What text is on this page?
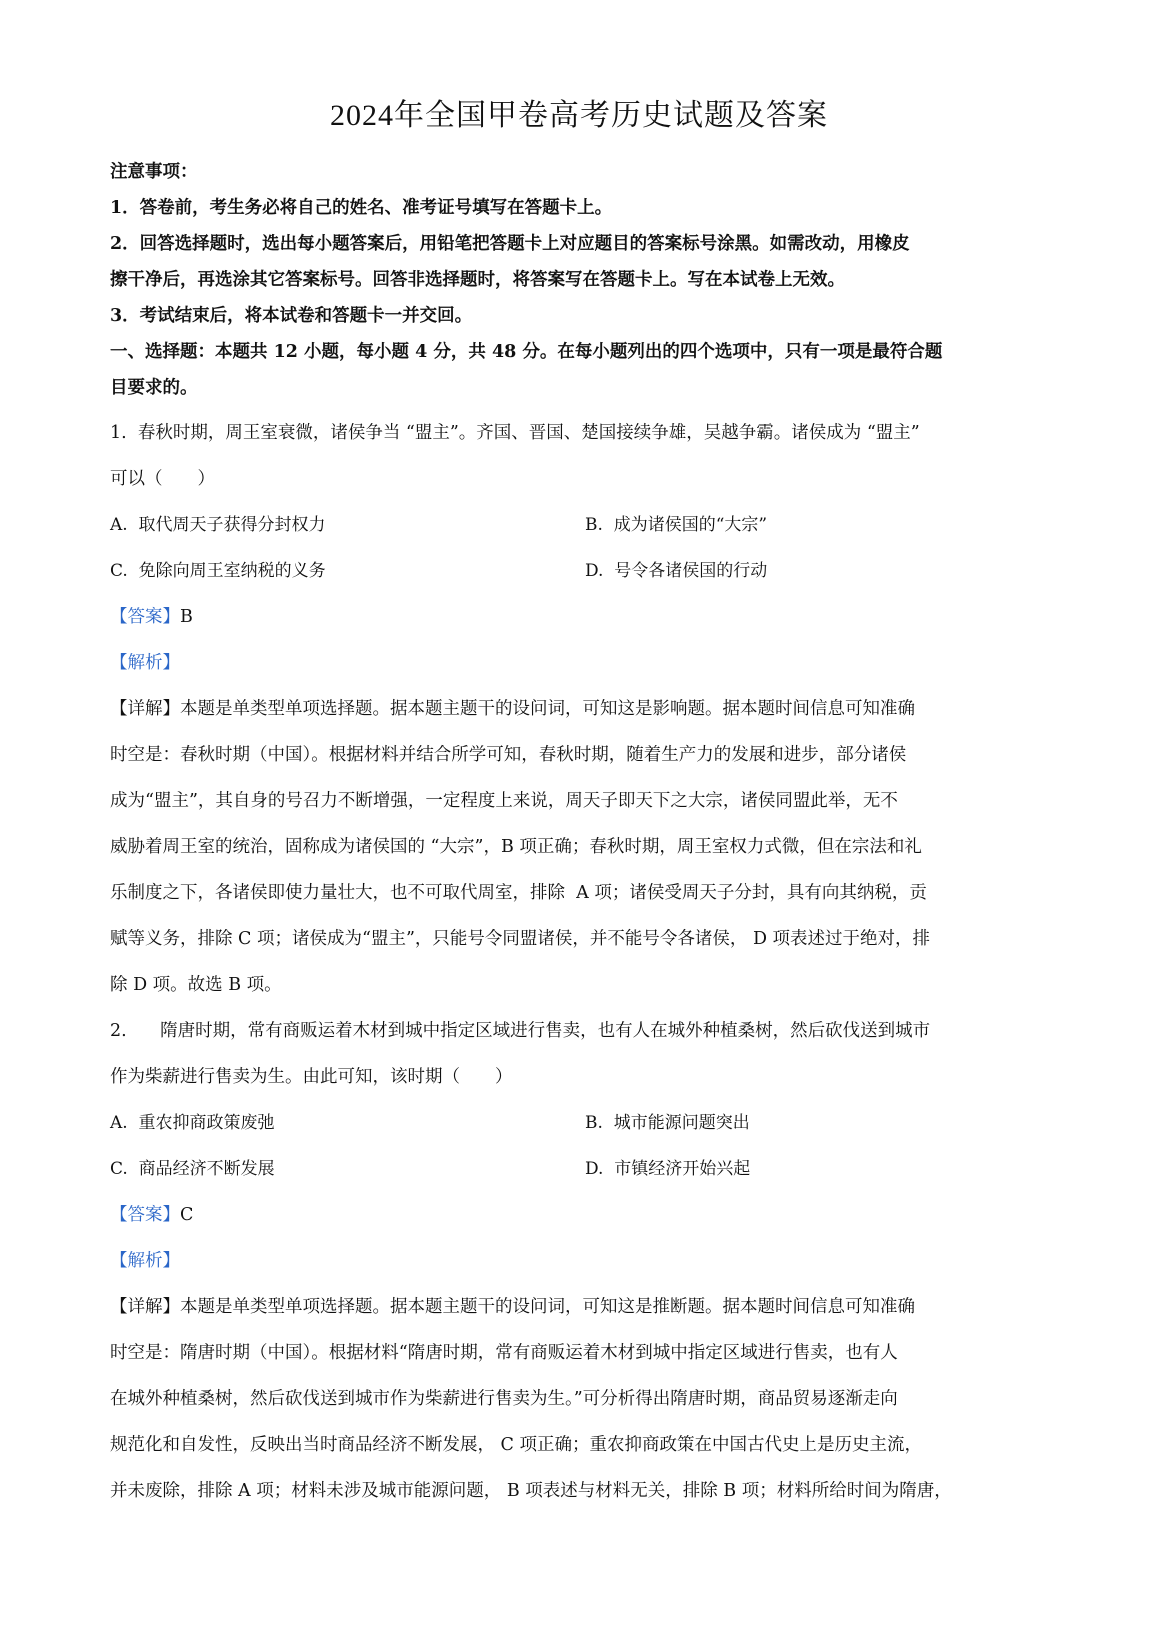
2024年全国甲卷高考历史试题及答案

注意事项：

1．答卷前，考生务必将自己的姓名、准考证号填写在答题卡上。

2．回答选择题时，选出每小题答案后，用铅笔把答题卡上对应题目的答案标号涂黑。如需改动，用橡皮

擦干净后，再选涂其它答案标号。回答非选择题时，将答案写在答题卡上。写在本试卷上无效。

3．考试结束后，将本试卷和答题卡一并交回。

一、选择题：本题共 12 小题，每小题 4 分，共 48 分。在每小题列出的四个选项中，只有一项是最符合题

目要求的。

1.  春秋时期，周王室衰微，诸侯争当 “盟主”。齐国、晋国、楚国接续争雄，吴越争霸。诸侯成为 “盟主”

可以（　　）

A.  取代周天子获得分封权力	B.  成为诸侯国的“大宗”
C.  免除向周王室纳税的义务	D.  号令各诸侯国的行动

【答案】B

【解析】

【详解】本题是单类型单项选择题。据本题主题干的设问词，可知这是影响题。据本题时间信息可知准确

时空是：春秋时期（中国）。根据材料并结合所学可知，春秋时期，随着生产力的发展和进步，部分诸侯

成为“盟主”，其自身的号召力不断增强，一定程度上来说，周天子即天下之大宗，诸侯同盟此举，无不

威胁着周王室的统治，固称成为诸侯国的 “大宗”，B 项正确；春秋时期，周王室权力式微，但在宗法和礼

乐制度之下，各诸侯即使力量壮大，也不可取代周室，排除  A 项；诸侯受周天子分封，具有向其纳税，贡

赋等义务，排除 C 项；诸侯成为“盟主”，只能号令同盟诸侯，并不能号令各诸侯， D 项表述过于绝对，排

除 D 项。故选 B 项。

2.      隋唐时期，常有商贩运着木材到城中指定区域进行售卖，也有人在城外种植桑树，然后砍伐送到城市

作为柴薪进行售卖为生。由此可知，该时期（　　）

A.  重农抑商政策废弛	B.  城市能源问题突出
C.  商品经济不断发展	D.  市镇经济开始兴起

【答案】C

【解析】

【详解】本题是单类型单项选择题。据本题主题干的设问词，可知这是推断题。据本题时间信息可知准确

时空是：隋唐时期（中国）。根据材料“隋唐时期，常有商贩运着木材到城中指定区域进行售卖，也有人

在城外种植桑树，然后砍伐送到城市作为柴薪进行售卖为生。”可分析得出隋唐时期，商品贸易逐渐走向

规范化和自发性，反映出当时商品经济不断发展， C 项正确；重农抑商政策在中国古代史上是历史主流，

并未废除，排除 A 项；材料未涉及城市能源问题， B 项表述与材料无关，排除 B 项；材料所给时间为隋唐，
